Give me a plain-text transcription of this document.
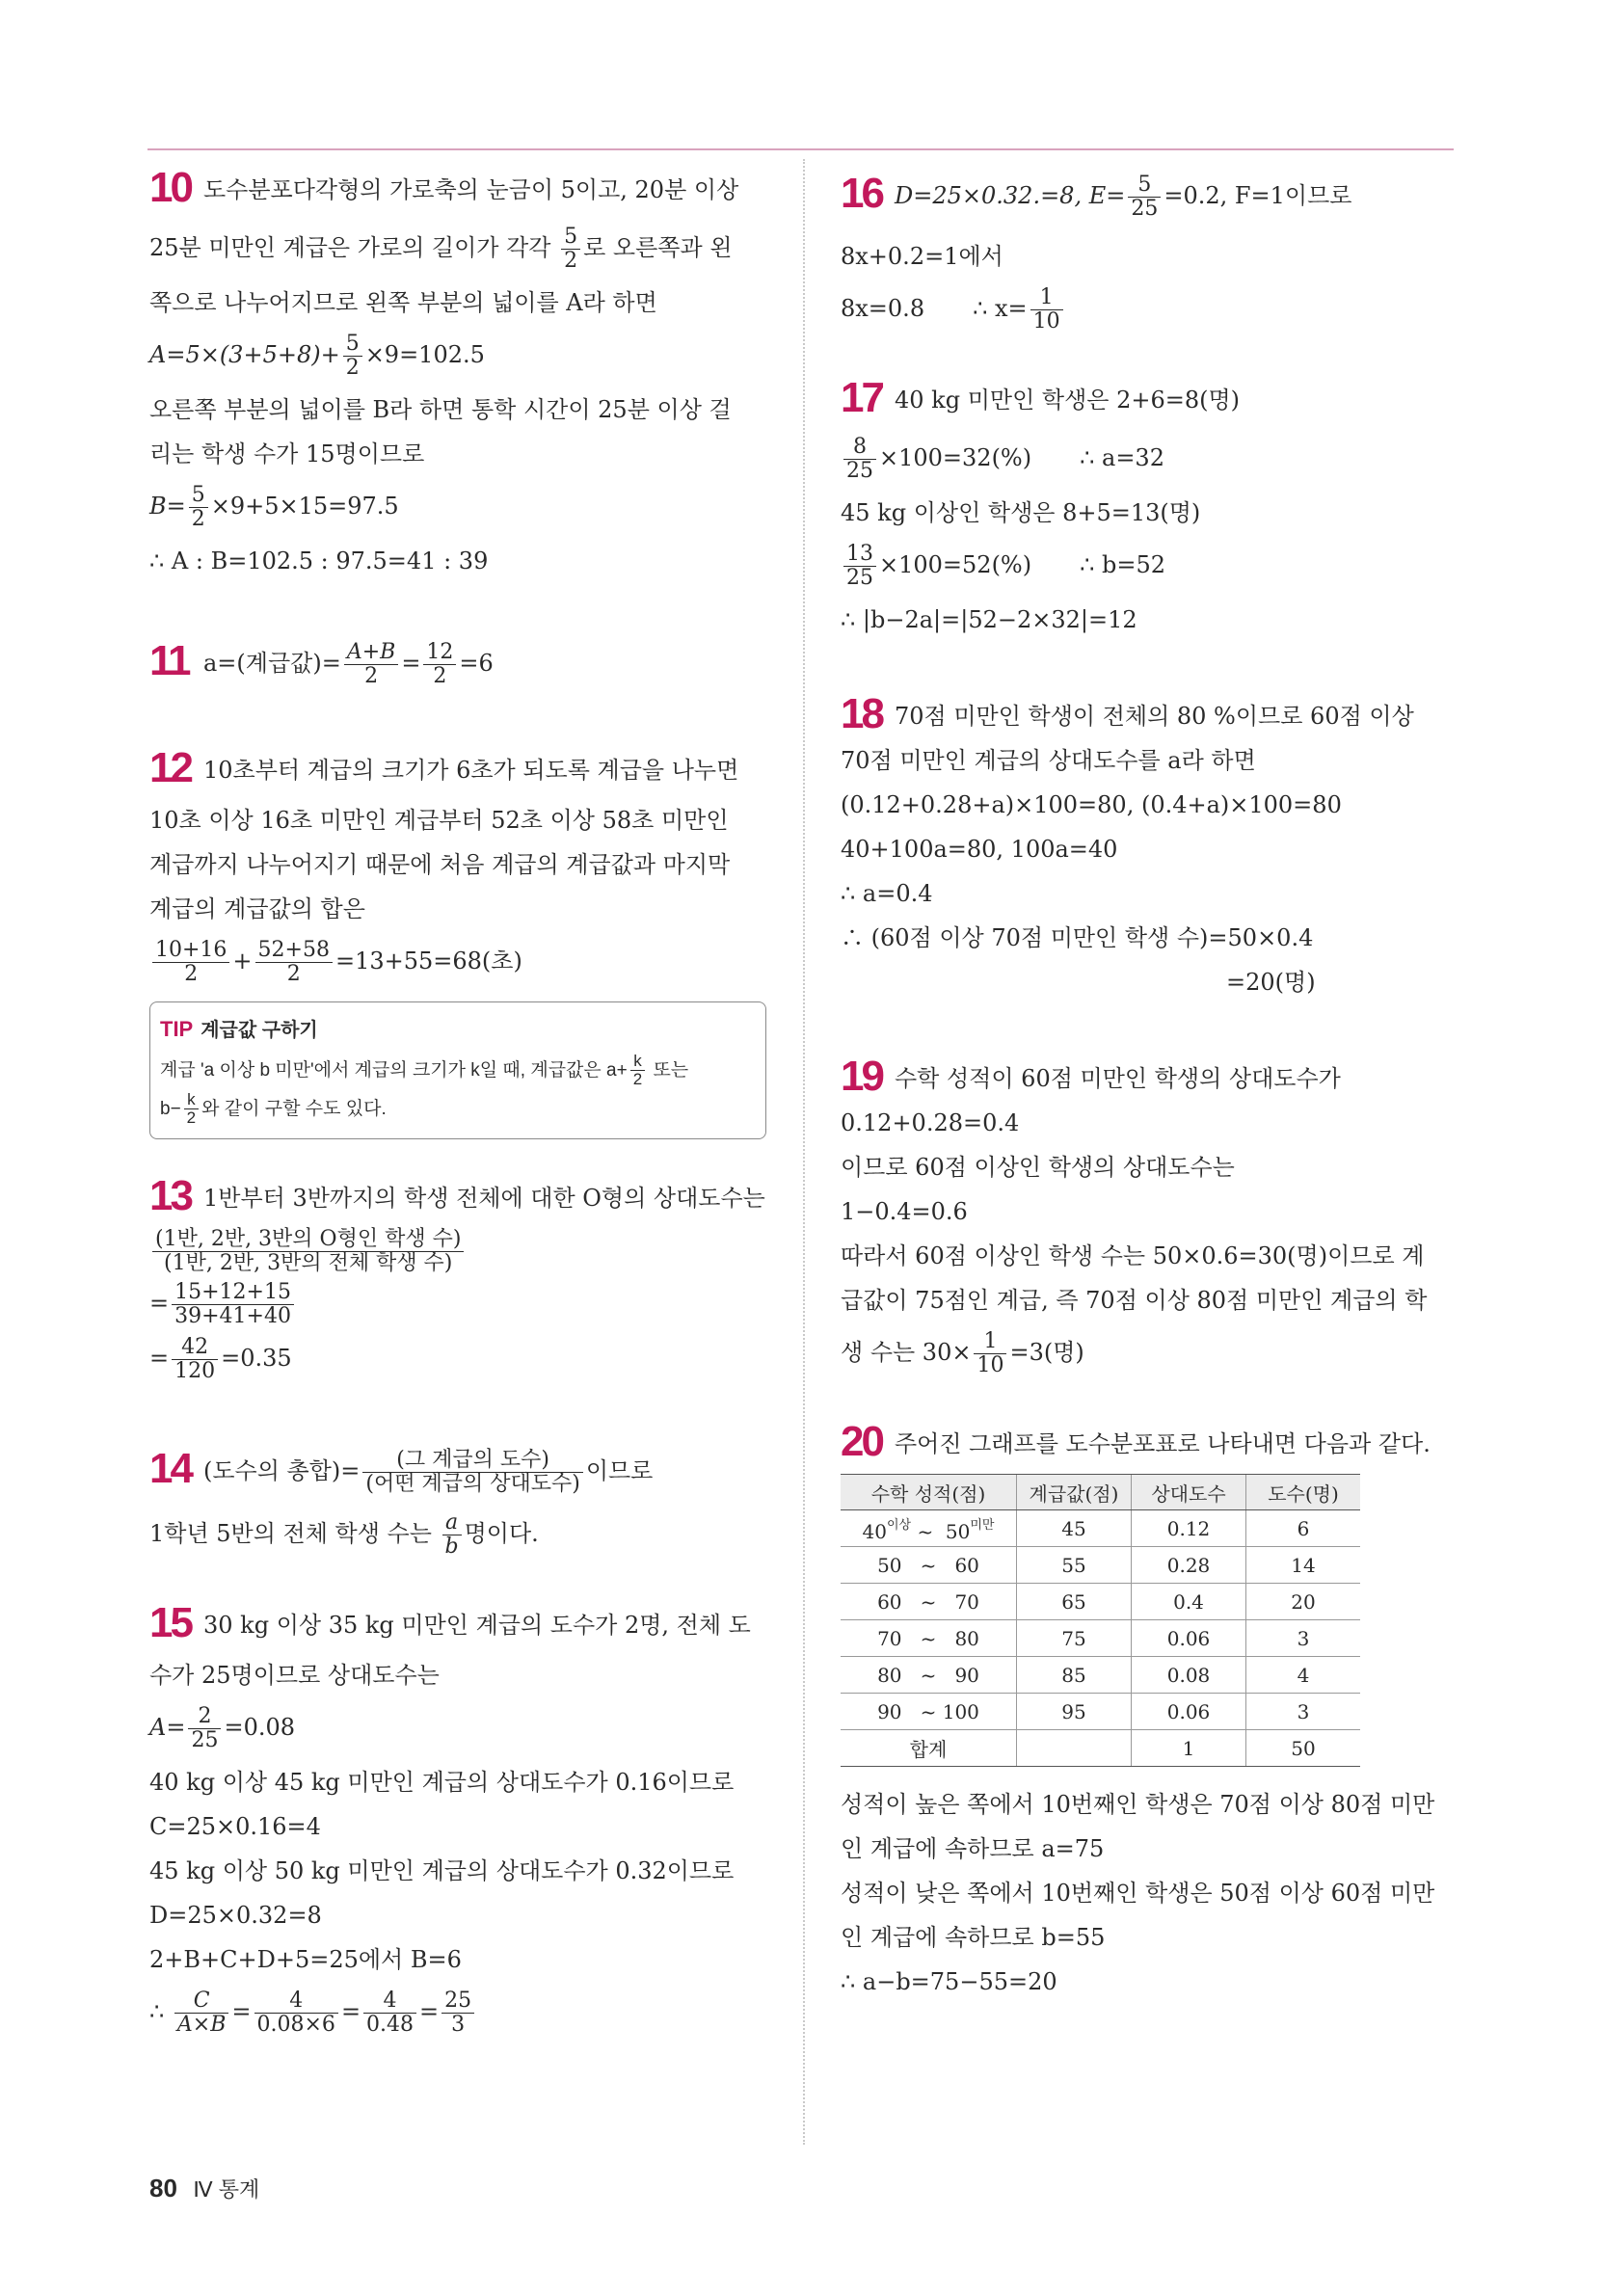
10 도수분포다각형의 가로축의 눈금이 5이고, 20분 이상
25분 미만인 계급은 가로의 길이가 각각 $\frac{5}{2}$ 로 오른쪽과 왼
쪽으로 나누어지므로 왼쪽 부분의 넓이를 A라 하면
$A=5\times(3+5+8)+ \frac{5}{2} \times 9=102.5$
오른쪽 부분의 넓이를 B라 하면 통학 시간이 25분 이상 걸
리는 학생 수가 15명이므로
$B= \frac{5}{2} \times 9+5\times 15=97.5$
∴ A : B=102.5 : 97.5=41 : 39
11 a=(계급값)= $\frac{A+B}{2} = \frac{12}{2} =6$
12 10초부터 계급의 크기가 6초가 되도록 계급을 나누면
10초 이상 16초 미만인 계급부터 52초 이상 58초 미만인
계급까지 나누어지기 때문에 처음 계급의 계급값과 마지막
계급의 계급값의 합은
$\frac{10+16}{2} + \frac{52+58}{2} =13+55=68$(초)
TIP 계급값 구하기
계급 'a 이상 b 미만'에서 계급의 크기가 k일 때, 계급값은 $a+ \frac{k}{2}$ 또는
$b- \frac{k}{2}$ 와 같이 구할 수도 있다.
13 1반부터 3반까지의 학생 전체에 대한 O형의 상대도수는
$\frac{\text{(1반, 2반, 3반의 O형인 학생 수)}}{\text{(1반, 2반, 3반의 전체 학생 수)}}$
= $\frac{15+12+15}{39+41+40}$
= $\frac{42}{120} =0.35$
14 (도수의 총합)= $\frac{\text{(그 계급의 도수)}}{\text{(어떤 계급의 상대도수)}}$ 이므로
1학년 5반의 전체 학생 수는 $\frac{a}{b}$ 명이다.
15 30 kg 이상 35 kg 미만인 계급의 도수가 2명, 전체 도
수가 25명이므로 상대도수는
$A= \frac{2}{25} =0.08$
40 kg 이상 45 kg 미만인 계급의 상대도수가 0.16이므로
C=25×0.16=4
45 kg 이상 50 kg 미만인 계급의 상대도수가 0.32이므로
D=25×0.32=8
2+B+C+D+5=25에서 B=6
∴ $\frac{C}{A\times B} = \frac{4}{0.08\times 6} = \frac{4}{0.48} = \frac{25}{3}$
16 D=25×0.32.=8, $E= \frac{5}{25} =0.2$, F=1이므로
8x+0.2=1에서
8x=0.8 ∴ $x= \frac{1}{10}$
17 40 kg 미만인 학생은 2+6=8(명)
$\frac{8}{25} \times 100=32(\%)$ ∴ a=32
45 kg 이상인 학생은 8+5=13(명)
$\frac{13}{25} \times 100=52(\%)$ ∴ b=52
∴ |b−2a|=|52−2×32|=12
18 70점 미만인 학생이 전체의 80 %이므로 60점 이상
70점 미만인 계급의 상대도수를 a라 하면
(0.12+0.28+a)×100=80, (0.4+a)×100=80
40+100a=80, 100a=40
∴ a=0.4
∴ (60점 이상 70점 미만인 학생 수)=50×0.4
=20(명)
19 수학 성적이 60점 미만인 학생의 상대도수가
0.12+0.28=0.4
이므로 60점 이상인 학생의 상대도수는
1−0.4=0.6
따라서 60점 이상인 학생 수는 50×0.6=30(명)이므로 계
급값이 75점인 계급, 즉 70점 이상 80점 미만인 계급의 학
생 수는 $30\times \frac{1}{10} =3$(명)
20 주어진 그래프를 도수분포표로 나타내면 다음과 같다.
수학 성적(점)	계급값(점)	상대도수	도수(명)
$40^{이상}$ ~ $50^{미만}$	45	0.12	6
50 ~ 60	55	0.28	14
60 ~ 70	65	0.4	20
70 ~ 80	75	0.06	3
80 ~ 90	85	0.08	4
90 ~ 100	95	0.06	3
합계		1	50
성적이 높은 쪽에서 10번째인 학생은 70점 이상 80점 미만
인 계급에 속하므로 a=75
성적이 낮은 쪽에서 10번째인 학생은 50점 이상 60점 미만
인 계급에 속하므로 b=55
∴ a−b=75−55=20
80 Ⅳ 통계
